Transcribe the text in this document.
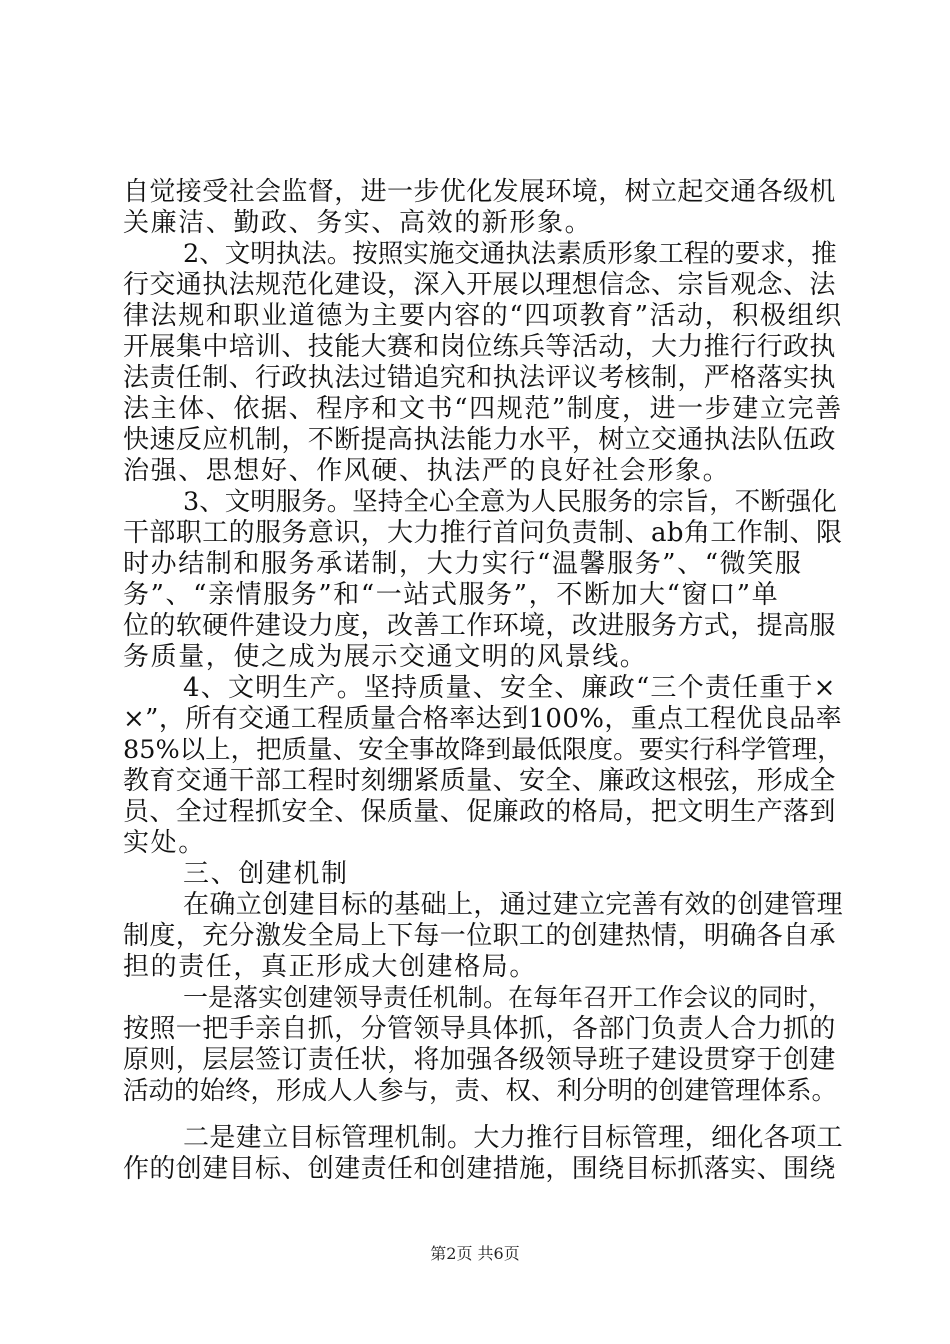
自觉接受社会监督，进一步优化发展环境，树立起交通各级机
关廉洁、勤政、务实、高效的新形象。
2、文明执法。按照实施交通执法素质形象工程的要求，推
行交通执法规范化建设，深入开展以理想信念、宗旨观念、法
律法规和职业道德为主要内容的“四项教育”活动，积极组织
开展集中培训、技能大赛和岗位练兵等活动，大力推行行政执
法责任制、行政执法过错追究和执法评议考核制，严格落实执
法主体、依据、程序和文书“四规范”制度，进一步建立完善
快速反应机制，不断提高执法能力水平，树立交通执法队伍政
治强、思想好、作风硬、执法严的良好社会形象。
3、文明服务。坚持全心全意为人民服务的宗旨，不断强化
干部职工的服务意识，大力推行首问负责制、ab角工作制、限
时办结制和服务承诺制，大力实行“温馨服务”、“微笑服
务”、“亲情服务”和“一站式服务”，不断加大“窗口”单
位的软硬件建设力度，改善工作环境，改进服务方式，提高服
务质量，使之成为展示交通文明的风景线。
4、文明生产。坚持质量、安全、廉政“三个责任重于×
×”，所有交通工程质量合格率达到100%，重点工程优良品率
85%以上，把质量、安全事故降到最低限度。要实行科学管理，
教育交通干部工程时刻绷紧质量、安全、廉政这根弦，形成全
员、全过程抓安全、保质量、促廉政的格局，把文明生产落到
实处。
三、创建机制
在确立创建目标的基础上，通过建立完善有效的创建管理
制度，充分激发全局上下每一位职工的创建热情，明确各自承
担的责任，真正形成大创建格局。
一是落实创建领导责任机制。在每年召开工作会议的同时，
按照一把手亲自抓，分管领导具体抓，各部门负责人合力抓的
原则，层层签订责任状，将加强各级领导班子建设贯穿于创建
活动的始终，形成人人参与，责、权、利分明的创建管理体系。
二是建立目标管理机制。大力推行目标管理，细化各项工
作的创建目标、创建责任和创建措施，围绕目标抓落实、围绕
第2页 共6页
